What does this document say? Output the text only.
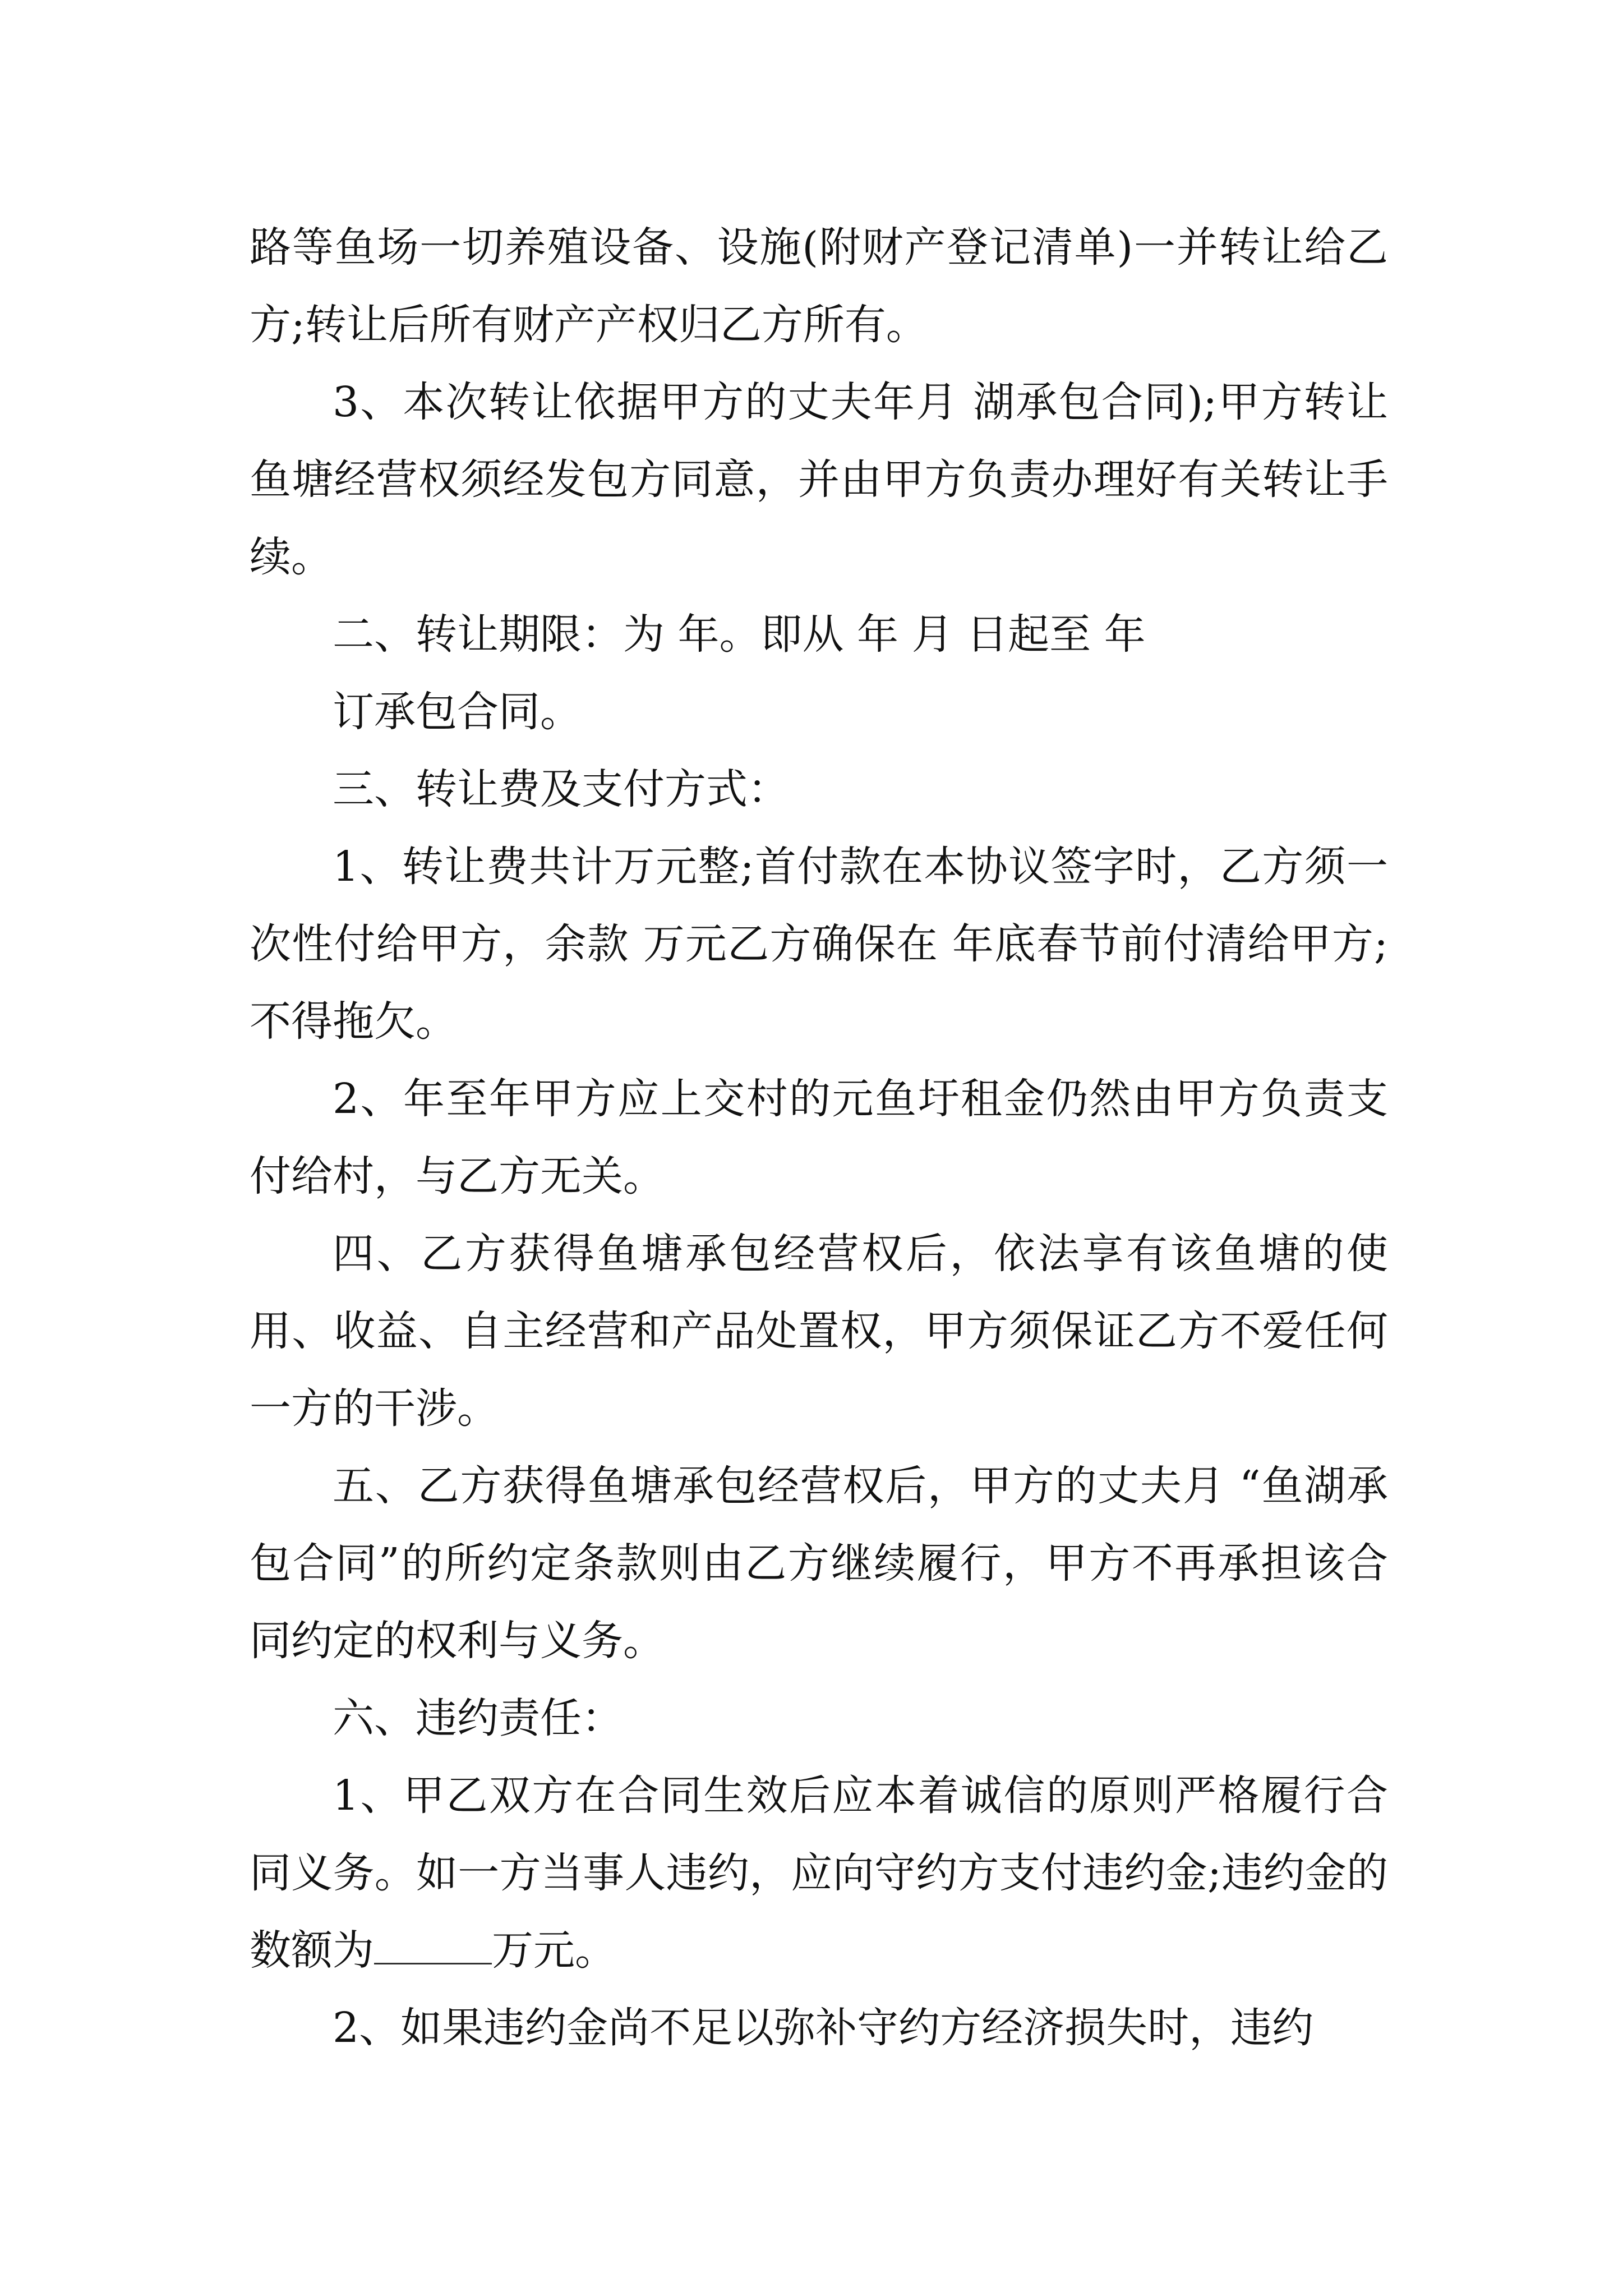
路等鱼场一切养殖设备、设施(附财产登记清单)一并转让给乙方;转让后所有财产产权归乙方所有。

3、本次转让依据甲方的丈夫年月 湖承包合同);甲方转让鱼塘经营权须经发包方同意，并由甲方负责办理好有关转让手续。

二、转让期限：为 年。即从 年 月 日起至 年

订承包合同。

三、转让费及支付方式：

1、转让费共计万元整;首付款在本协议签字时，乙方须一次性付给甲方，余款 万元乙方确保在 年底春节前付清给甲方;不得拖欠。

2、年至年甲方应上交村的元鱼圩租金仍然由甲方负责支付给村，与乙方无关。

四、乙方获得鱼塘承包经营权后，依法享有该鱼塘的使用、收益、自主经营和产品处置权，甲方须保证乙方不爱任何一方的干涉。

五、乙方获得鱼塘承包经营权后，甲方的丈夫月 “鱼湖承包合同”的所约定条款则由乙方继续履行，甲方不再承担该合同约定的权利与义务。

六、违约责任：

1、甲乙双方在合同生效后应本着诚信的原则严格履行合同义务。如一方当事人违约，应向守约方支付违约金;违约金的数额为	万元。

2、如果违约金尚不足以弥补守约方经济损失时，违约
